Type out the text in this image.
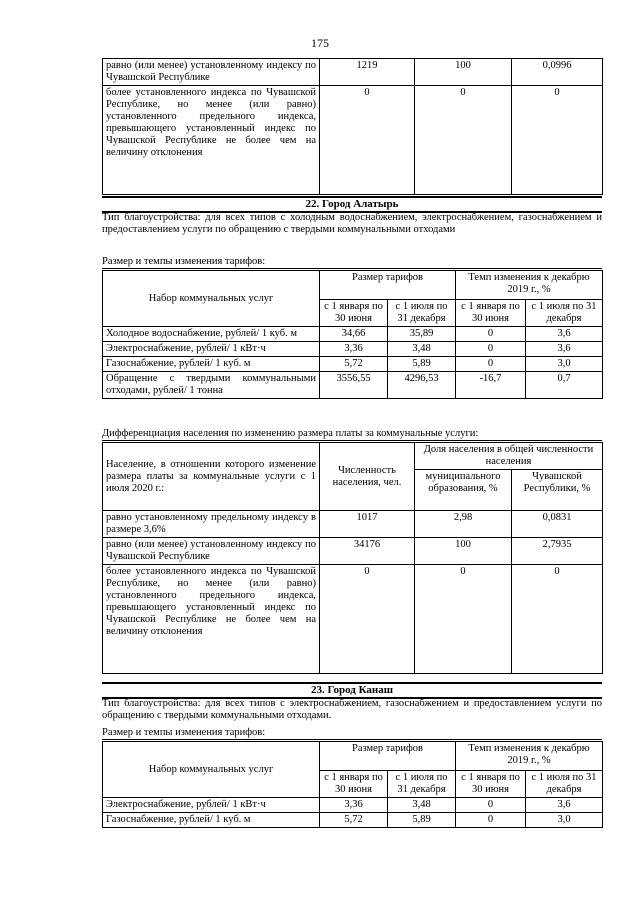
175
равно (или менее) установленному индексу по Чувашской Республике	1219	100	0,0996
более установленного индекса по Чувашской Республике, но менее (или равно) установленного предельного индекса, превышающего установленный индекс по Чувашской Республике не более чем на величину отклонения	0	0	0
22. Город Алатырь
Тип благоустройства: для всех типов с холодным водоснабжением, электроснабжением, газоснабжением и предоставлением услуги по обращению с твердыми коммунальными отходами
Размер и темпы изменения тарифов:
Набор коммунальных услуг	Размер тарифов		Темп изменения к декабрю 2019 г., %	
	с 1 января по 30 июня	с 1 июля по 31 декабря	с 1 января по 30 июня	с 1 июля по 31 декабря
Холодное водоснабжение, рублей/ 1 куб. м	34,66	35,89	0	3,6
Электроснабжение, рублей/ 1 кВт·ч	3,36	3,48	0	3,6
Газоснабжение, рублей/ 1 куб. м	5,72	5,89	0	3,0
Обращение с твердыми коммунальными отходами, рублей/ 1 тонна	3556,55	4296,53	-16,7	0,7
Дифференциация населения по изменению размера платы за коммунальные услуги:
Население, в отношении которого изменение размера платы за коммунальные услуги с 1 июля 2020 г.:	Численность населения, чел.	Доля населения в общей численности населения	
		муниципального образования, %	Чувашской Республики, %
равно установленному предельному индексу в размере 3,6%	1017	2,98	0,0831
равно (или менее) установленному индексу по Чувашской Республике	34176	100	2,7935
более установленного индекса по Чувашской Республике, но менее (или равно) установленного предельного индекса, превышающего установленный индекс по Чувашской Республике не более чем на величину отклонения	0	0	0
23. Город Канаш
Тип благоустройства: для всех типов с электроснабжением, газоснабжением и предоставлением услуги по обращению с твердыми коммунальными отходами.
Размер и темпы изменения тарифов:
Набор коммунальных услуг	Размер тарифов		Темп изменения к декабрю 2019 г., %	
	с 1 января по 30 июня	с 1 июля по 31 декабря	с 1 января по 30 июня	с 1 июля по 31 декабря
Электроснабжение, рублей/ 1 кВт·ч	3,36	3,48	0	3,6
Газоснабжение, рублей/ 1 куб. м	5,72	5,89	0	3,0
